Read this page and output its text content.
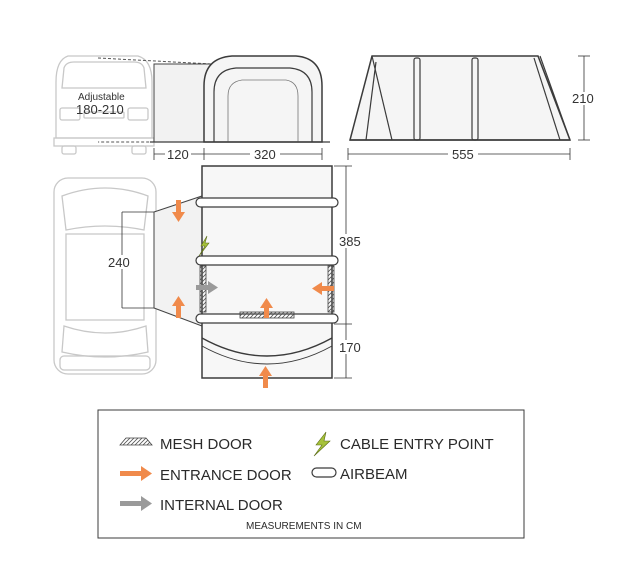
Adjustable
180-210
120	320	555
210
240
385
170
MESH DOOR
ENTRANCE DOOR
INTERNAL DOOR
CABLE ENTRY POINT
AIRBEAM
MEASUREMENTS IN CM
